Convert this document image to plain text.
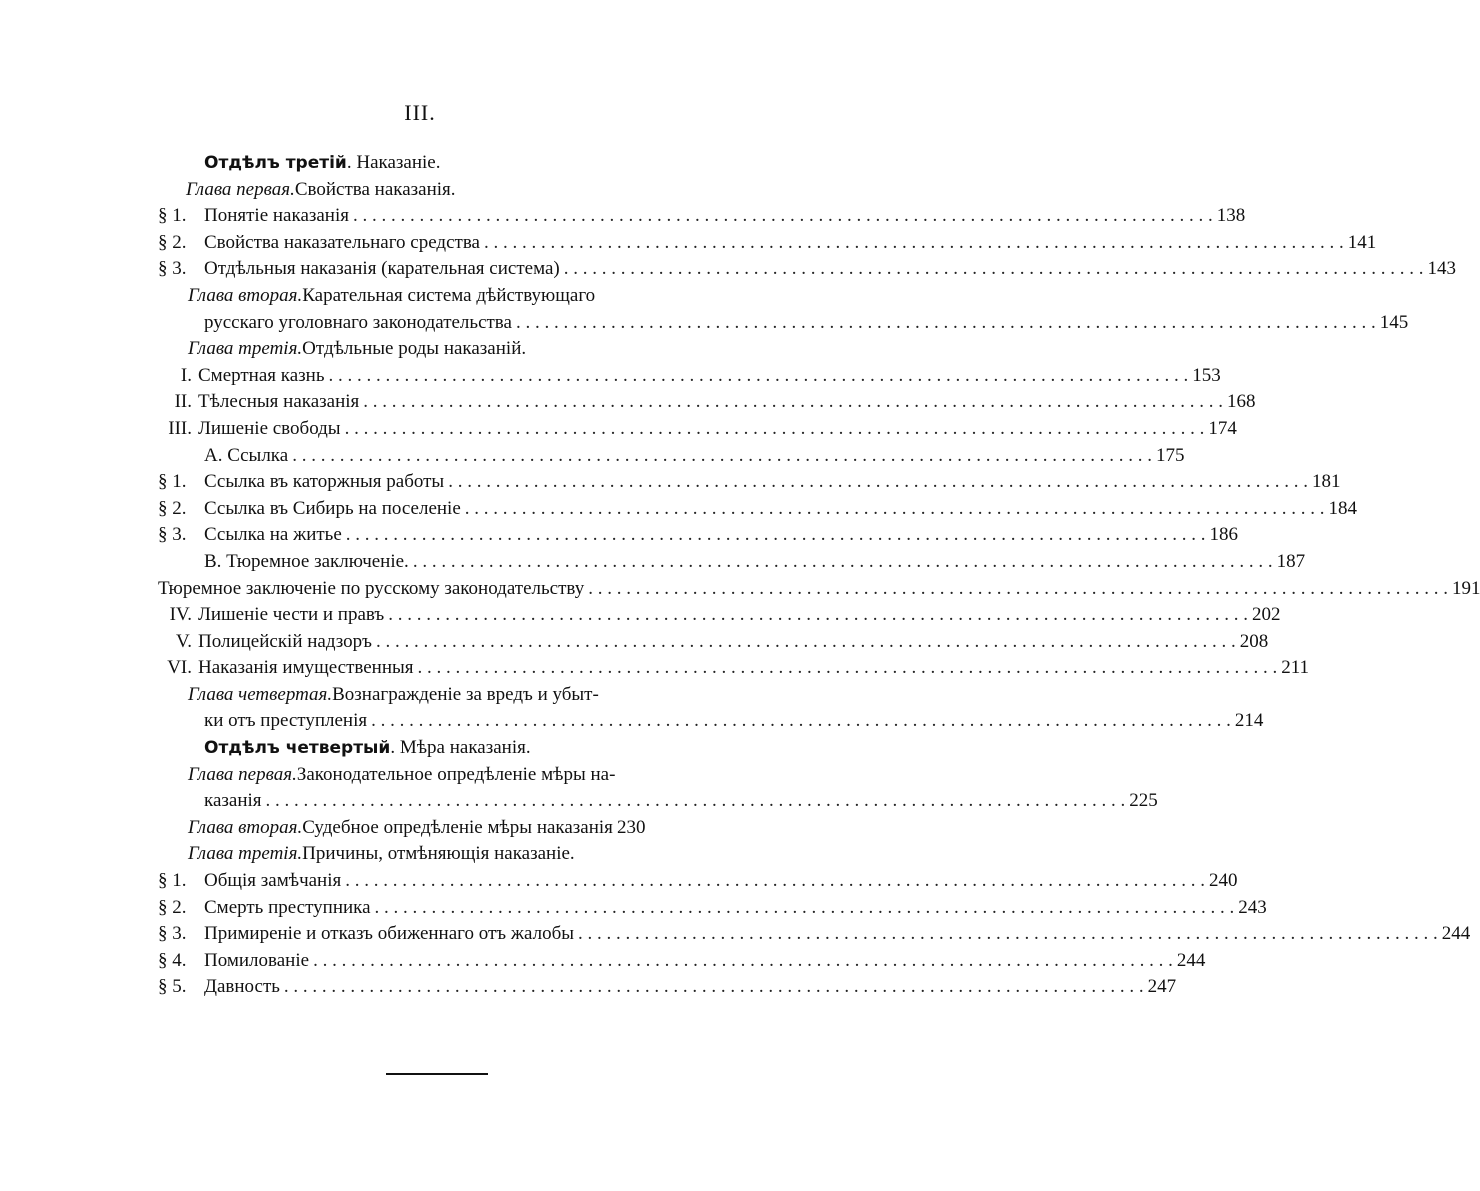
III.
Отдѣлъ третій . Наказаніе.
Глава первая. Свойства наказанія.
§ 1. Понятіе наказанія . . .	138
§ 2. Свойства наказательнаго средства . . .	141
§ 3. Отдѣльныя наказанія (карательная система) . . .	143
Глава вторая. Карательная система дѣйствующаго
русскаго уголовнаго законодательства . . .	145
Глава третія. Отдѣльные роды наказаній.
I. Смертная казнь . . .	153
II. Тѣлесныя наказанія . . .	168
III. Лишеніе свободы . . .	174
А. Ссылка . . .	175
§ 1. Ссылка въ каторжныя работы . . .	181
§ 2. Ссылка въ Сибирь на поселеніе . . .	184
§ 3. Ссылка на житье . . .	186
В. Тюремное заключеніе. . . .	187
Тюремное заключеніе по русскому законодательству . . .	191
IV. Лишеніе чести и правъ . . .	202
V. Полицейскій надзоръ . . .	208
VI. Наказанія имущественныя . . .	211
Глава четвертая. Вознагражденіе за вредъ и убыт-
ки отъ преступленія . . .	214
Отдѣлъ четвертый . Мѣра наказанія.
Глава первая. Законодательное опредѣленіе мѣры на-
казанія . . .	225
Глава вторая. Судебное опредѣленіе мѣры наказанія 230
Глава третія. Причины, отмѣняющія наказаніе.
§ 1. Общія замѣчанія . . .	240
§ 2. Смерть преступника . . .	243
§ 3. Примиреніе и отказъ обиженнаго отъ жалобы . . .	244
§ 4. Помилованіе . . .	244
§ 5. Давность . . .	247
